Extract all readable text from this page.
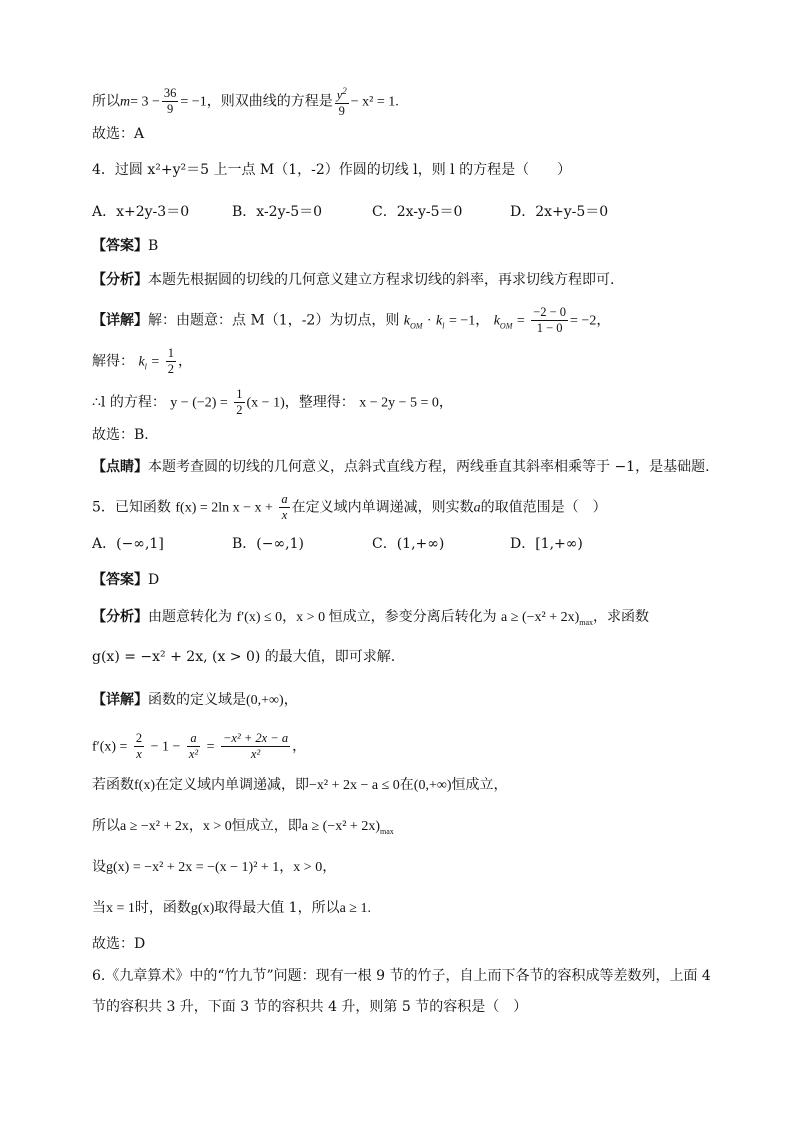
所以$m= 3 - \frac{36}{9} = -1$，则双曲线的方程是 $\frac{y^2}{9} - x^2 = 1$.
故选：A
4．过圆 x²+y²＝5 上一点 M（1，-2）作圆的切线 l，则 l 的方程是（　　）
A．x+2y-3＝0	B．x-2y-5＝0	C．2x-y-5＝0	D．2x+y-5＝0
【答案】B
【分析】本题先根据圆的切线的几何意义建立方程求切线的斜率，再求切线方程即可.
【详解】解：由题意：点 M（1，-2）为切点，则 $k_{OM} \cdot k_l = -1$， $k_{OM} = \frac{-2 - 0}{1 - 0} = -2$，
解得： $k_l = \frac{1}{2}$ ，
∴l 的方程： $y - (-2) = \frac{1}{2} (x - 1)$，整理得： x − 2y − 5 = 0，
故选：B.
【点睛】本题考查圆的切线的几何意义，点斜式直线方程，两线垂直其斜率相乘等于 −1，是基础题.
5．已知函数 f(x) = 2ln $x - x + \frac{a}{x}$ 在定义域内单调递减，则实数a的取值范围是（　）
A．(−∞,1]	B．(−∞,1)	C．(1,+∞)	D．[1,+∞)
【答案】D
【分析】由题意转化为 f′(x) ≤ 0，x > 0 恒成立，参变分离后转化为 $a \ge (-x^2 + 2x)_{max}$，求函数
g(x) = −x² + 2x, (x > 0) 的最大值，即可求解.
【详解】函数的定义域是(0,+∞)，
$f'(x) = \frac{2}{x} - 1 - \frac{a}{\text{x²}} = \frac{\text{−x² + 2x − a}}{\text{x²}}$ ，
若函数f(x)在定义域内单调递减，即−x² + 2x − a ≤ 0在(0,+∞)恒成立，
所以a ≥ −x² + 2x，x > 0恒成立，即$a \ge (-x^2 + 2x)_{max}$
设g(x) = −x² + 2x = −(x − 1)² + 1，x > 0，
当x = 1时，函数g(x)取得最大值 1，所以a ≥ 1.
故选：D
6.《九章算术》中的“竹九节”问题：现有一根 9 节的竹子，自上而下各节的容积成等差数列，上面 4
节的容积共 3 升，下面 3 节的容积共 4 升，则第 5 节的容积是（　）
